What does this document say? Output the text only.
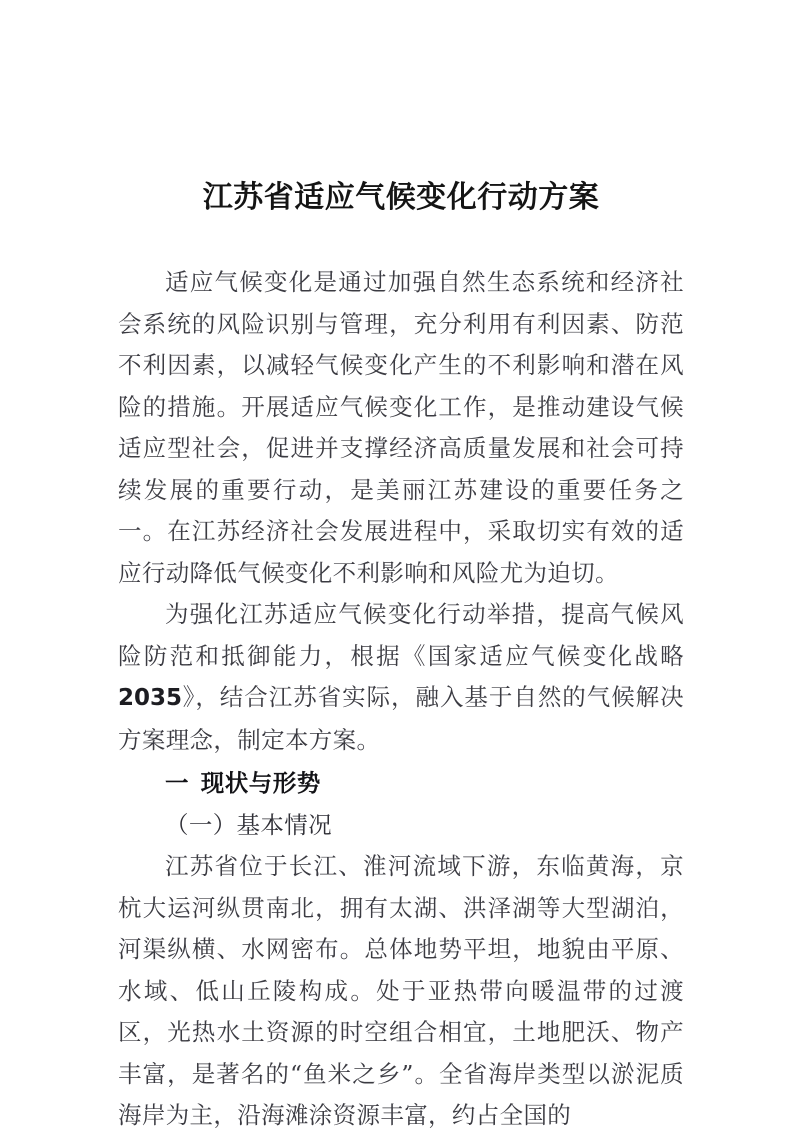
江苏省适应气候变化行动方案

适应气候变化是通过加强自然生态系统和经济社会系统的风险识别与管理，充分利用有利因素、防范不利因素，以减轻气候变化产生的不利影响和潜在风险的措施。开展适应气候变化工作，是推动建设气候适应型社会，促进并支撑经济高质量发展和社会可持续发展的重要行动，是美丽江苏建设的重要任务之一。在江苏经济社会发展进程中，采取切实有效的适应行动降低气候变化不利影响和风险尤为迫切。

为强化江苏适应气候变化行动举措，提高气候风险防范和抵御能力，根据《国家适应气候变化战略2035》，结合江苏省实际，融入基于自然的气候解决方案理念，制定本方案。

一 现状与形势
（一）基本情况

江苏省位于长江、淮河流域下游，东临黄海，京杭大运河纵贯南北，拥有太湖、洪泽湖等大型湖泊，河渠纵横、水网密布。总体地势平坦，地貌由平原、水域、低山丘陵构成。处于亚热带向暖温带的过渡区，光热水土资源的时空组合相宜，土地肥沃、物产丰富，是著名的“鱼米之乡”。全省海岸类型以淤泥质海岸为主，沿海滩涂资源丰富，约占全国的
